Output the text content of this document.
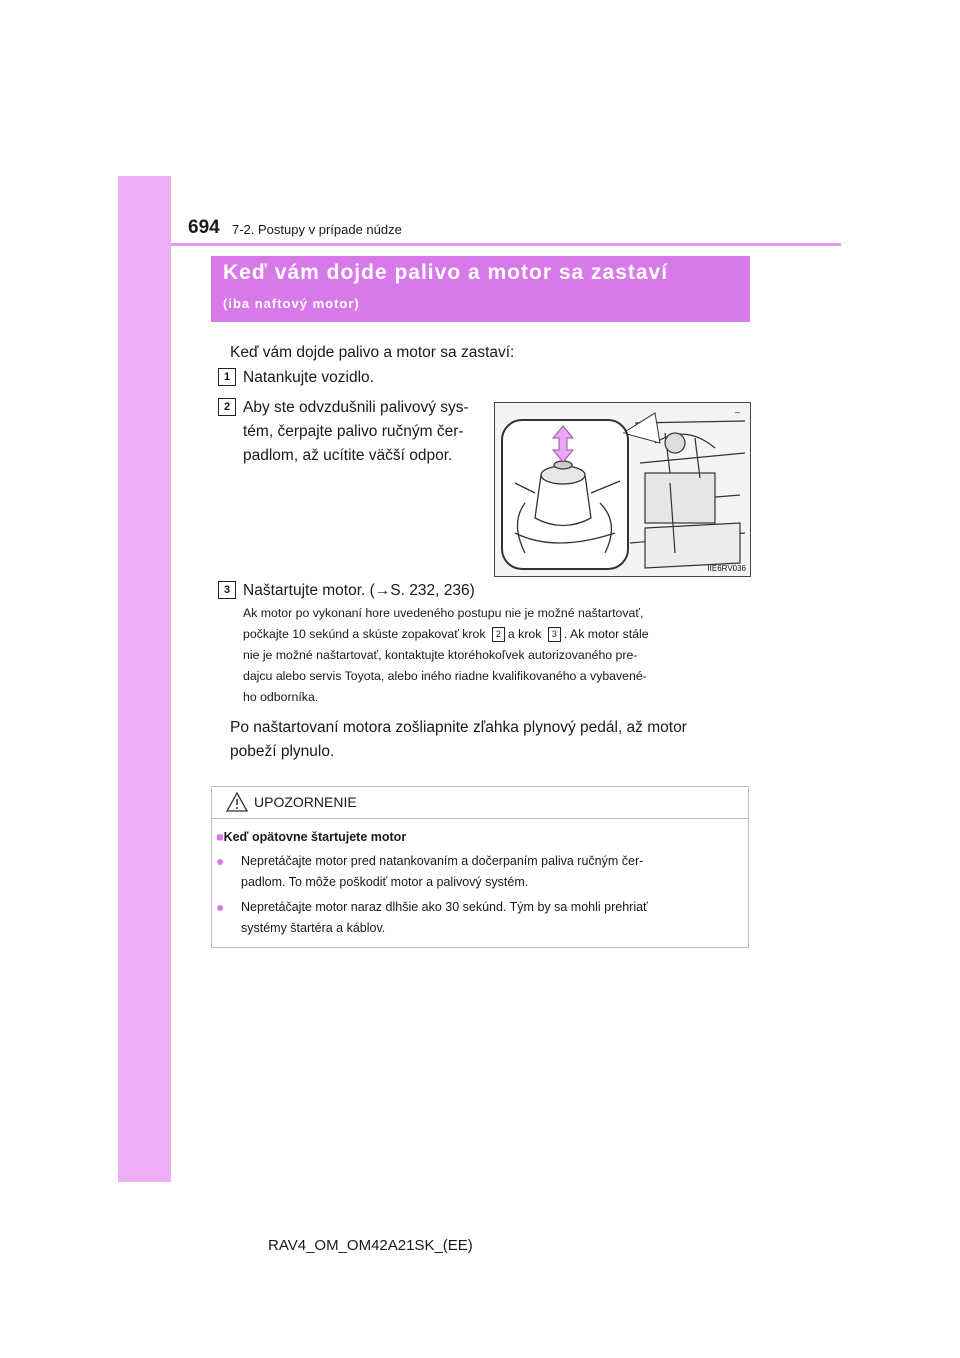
694 7-2. Postupy v prípade núdze
Keď vám dojde palivo a motor sa zastaví
(iba naftový motor)
Keď vám dojde palivo a motor sa zastaví:
1 Natankujte vozidlo.
2 Aby ste odvzdušnili palivový sys-
tém, čerpajte palivo ručným čer-
padlom, až ucítite väčší odpor.
–
IIE6RV036
3 Naštartujte motor. (→S. 232, 236)
Ak motor po vykonaní hore uvedeného postupu nie je možné naštartovať,
počkajte 10 sekúnd a skúste zopakovať krok 2 a krok 3 . Ak motor stále
nie je možné naštartovať, kontaktujte ktoréhokoľvek autorizovaného pre-
dajcu alebo servis Toyota, alebo iného riadne kvalifikovaného a vybavené-
ho odborníka.
Po naštartovaní motora zošliapnite zľahka plynový pedál, až motor
pobeží plynulo.
UPOZORNENIE
■Keď opätovne štartujete motor
● Nepretáčajte motor pred natankovaním a dočerpaním paliva ručným čer-
padlom. To môže poškodiť motor a palivový systém.
● Nepretáčajte motor naraz dlhšie ako 30 sekúnd. Tým by sa mohli prehriať
systémy štartéra a káblov.
RAV4_OM_OM42A21SK_(EE)
